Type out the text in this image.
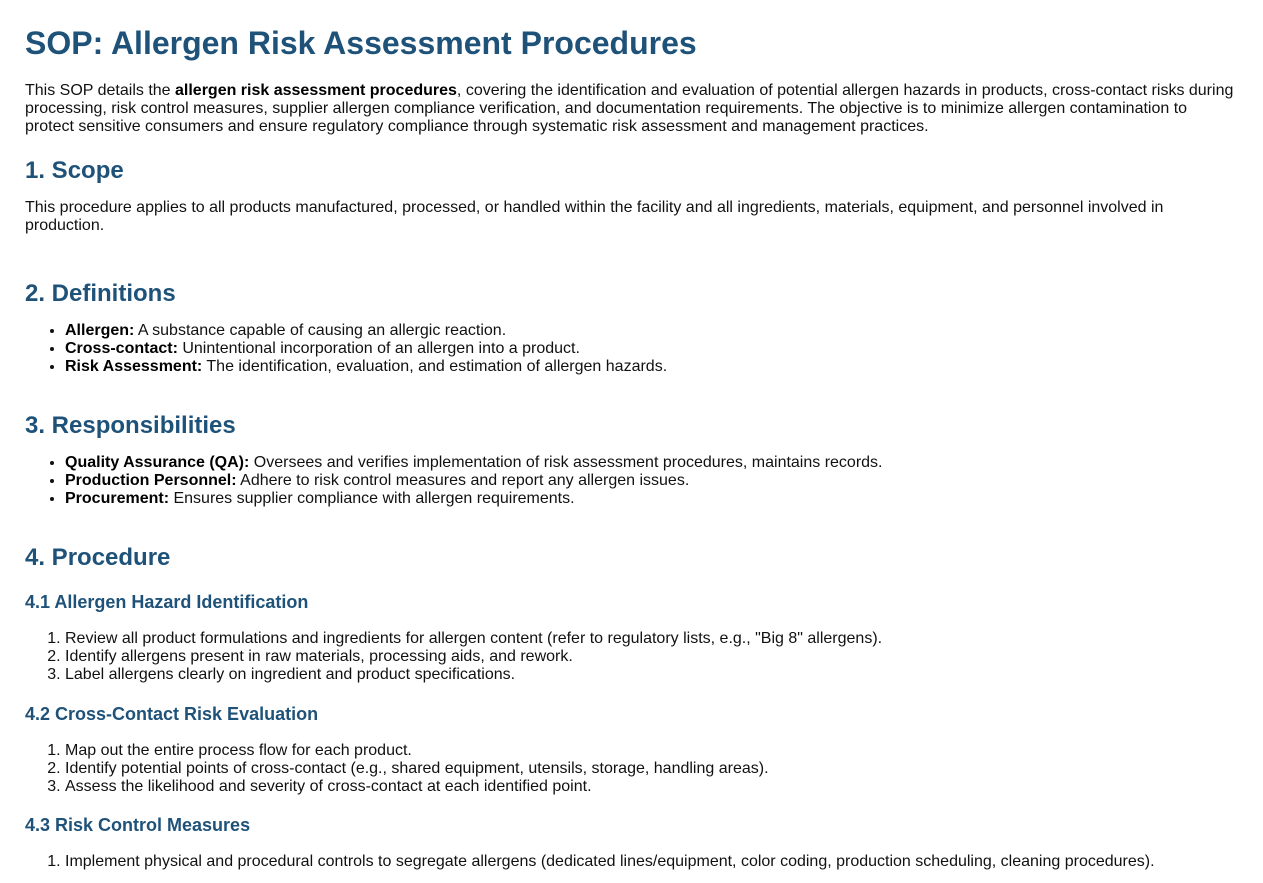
SOP: Allergen Risk Assessment Procedures

This SOP details the allergen risk assessment procedures, covering the identification and evaluation of potential allergen hazards in products, cross-contact risks during processing, risk control measures, supplier allergen compliance verification, and documentation requirements. The objective is to minimize allergen contamination to protect sensitive consumers and ensure regulatory compliance through systematic risk assessment and management practices.

1. Scope

This procedure applies to all products manufactured, processed, or handled within the facility and all ingredients, materials, equipment, and personnel involved in production.

2. Definitions
• Allergen: A substance capable of causing an allergic reaction.
• Cross-contact: Unintentional incorporation of an allergen into a product.
• Risk Assessment: The identification, evaluation, and estimation of allergen hazards.
3. Responsibilities
• Quality Assurance (QA): Oversees and verifies implementation of risk assessment procedures, maintains records.
• Production Personnel: Adhere to risk control measures and report any allergen issues.
• Procurement: Ensures supplier compliance with allergen requirements.
4. Procedure
4.1 Allergen Hazard Identification
1. Review all product formulations and ingredients for allergen content (refer to regulatory lists, e.g., "Big 8" allergens).
2. Identify allergens present in raw materials, processing aids, and rework.
3. Label allergens clearly on ingredient and product specifications.
4.2 Cross-Contact Risk Evaluation
1. Map out the entire process flow for each product.
2. Identify potential points of cross-contact (e.g., shared equipment, utensils, storage, handling areas).
3. Assess the likelihood and severity of cross-contact at each identified point.
4.3 Risk Control Measures
1. Implement physical and procedural controls to segregate allergens (dedicated lines/equipment, color coding, production scheduling, cleaning procedures).
